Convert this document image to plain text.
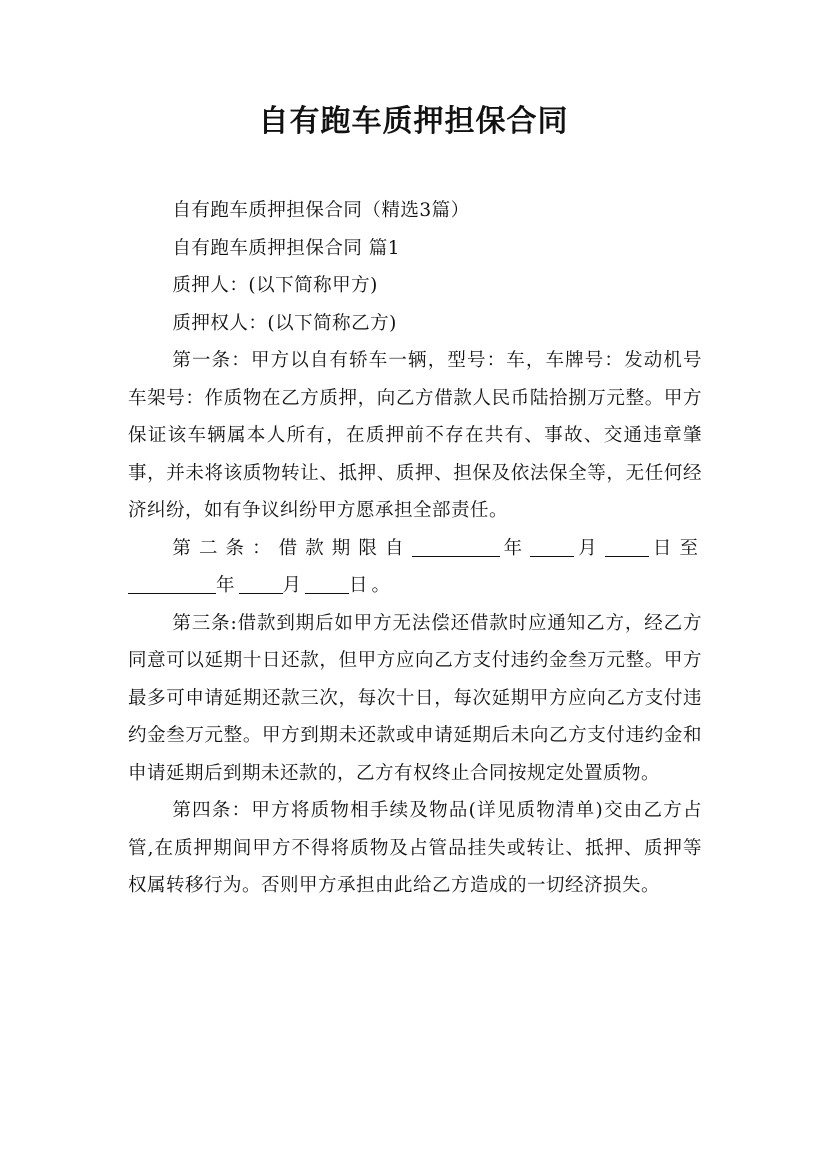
自有跑车质押担保合同

自有跑车质押担保合同（精选3篇）

自有跑车质押担保合同 篇1

质押人：(以下简称甲方)

质押权人：(以下简称乙方)

第一条：甲方以自有轿车一辆，型号：车，车牌号：发动机号车架号：作质物在乙方质押，向乙方借款人民币陆拾捌万元整。甲方保证该车辆属本人所有，在质押前不存在共有、事故、交通违章肇事，并未将该质物转让、抵押、质押、担保及依法保全等，无任何经济纠纷，如有争议纠纷甲方愿承担全部责任。

第二条：借款期限自	年 月 日至年 月 日。

第三条:借款到期后如甲方无法偿还借款时应通知乙方，经乙方同意可以延期十日还款，但甲方应向乙方支付违约金叁万元整。甲方最多可申请延期还款三次，每次十日，每次延期甲方应向乙方支付违约金叁万元整。甲方到期未还款或申请延期后未向乙方支付违约金和申请延期后到期未还款的，乙方有权终止合同按规定处置质物。

第四条：甲方将质物相手续及物品(详见质物清单)交由乙方占管,在质押期间甲方不得将质物及占管品挂失或转让、抵押、质押等权属转移行为。否则甲方承担由此给乙方造成的一切经济损失。
